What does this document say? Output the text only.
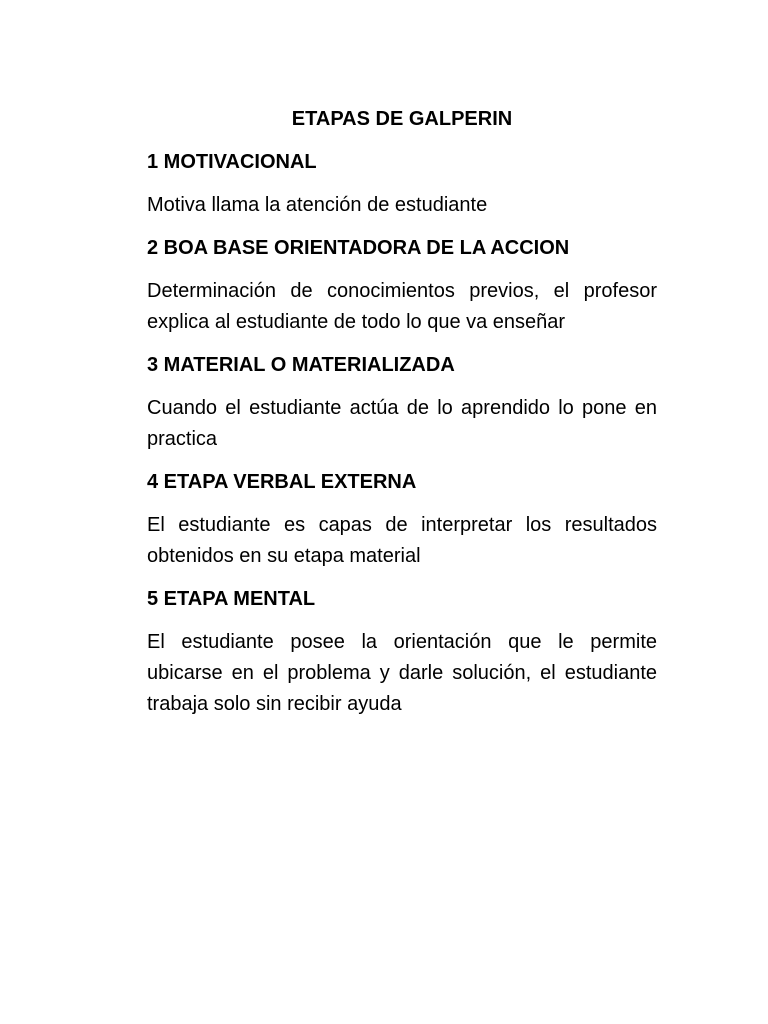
ETAPAS DE GALPERIN
1 MOTIVACIONAL
Motiva llama la atención de estudiante
2 BOA BASE ORIENTADORA DE LA ACCION
Determinación de conocimientos previos, el profesor explica al estudiante de todo lo que va enseñar
3 MATERIAL O MATERIALIZADA
Cuando el estudiante actúa de lo aprendido lo pone en practica
4 ETAPA VERBAL EXTERNA
El estudiante es capas de interpretar los resultados obtenidos en su etapa material
5 ETAPA MENTAL
El estudiante posee la orientación que le permite ubicarse en el problema y darle solución, el estudiante trabaja solo sin recibir ayuda
